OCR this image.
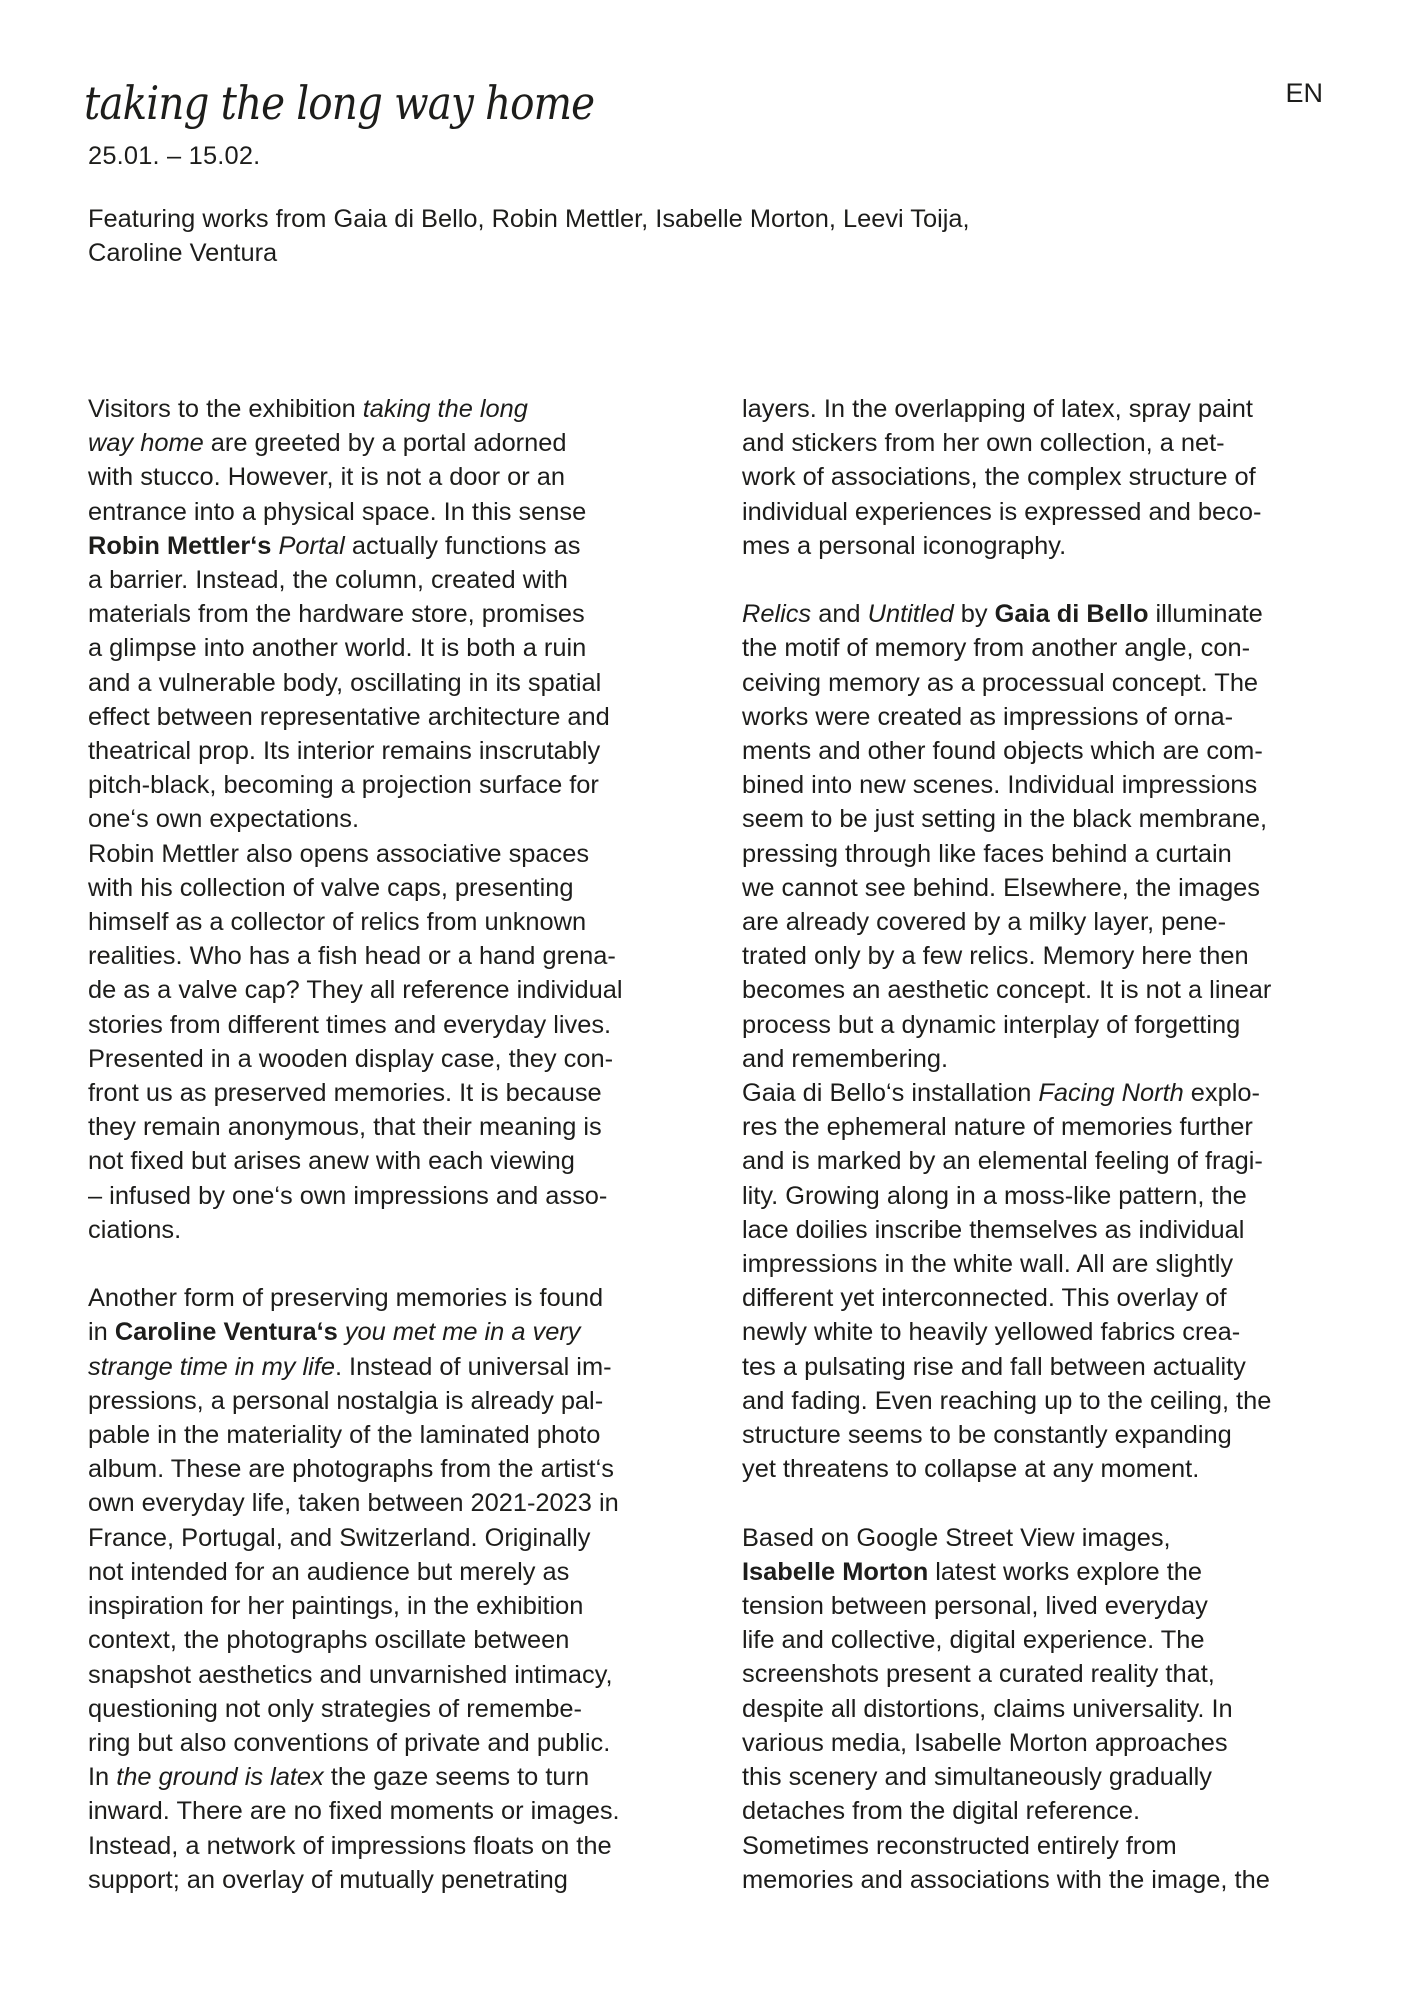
taking the long way home	EN
25.01. – 15.02.
Featuring works from Gaia di Bello, Robin Mettler, Isabelle Morton, Leevi Toija,
Caroline Ventura
Visitors to the exhibition taking the long
way home are greeted by a portal adorned
with stucco. However, it is not a door or an
entrance into a physical space. In this sense
Robin Mettler‘s Portal actually functions as
a barrier. Instead, the column, created with
materials from the hardware store, promises
a glimpse into another world. It is both a ruin
and a vulnerable body, oscillating in its spatial
effect between representative architecture and
theatrical prop. Its interior remains inscrutably
pitch-black, becoming a projection surface for
one‘s own expectations.
Robin Mettler also opens associative spaces
with his collection of valve caps, presenting
himself as a collector of relics from unknown
realities. Who has a fish head or a hand grena-
de as a valve cap? They all reference individual
stories from different times and everyday lives.
Presented in a wooden display case, they con-
front us as preserved memories. It is because
they remain anonymous, that their meaning is
not fixed but arises anew with each viewing
– infused by one‘s own impressions and asso-
ciations.
Another form of preserving memories is found
in Caroline Ventura‘s you met me in a very
strange time in my life. Instead of universal im-
pressions, a personal nostalgia is already pal-
pable in the materiality of the laminated photo
album. These are photographs from the artist‘s
own everyday life, taken between 2021-2023 in
France, Portugal, and Switzerland. Originally
not intended for an audience but merely as
inspiration for her paintings, in the exhibition
context, the photographs oscillate between
snapshot aesthetics and unvarnished intimacy,
questioning not only strategies of remembe-
ring but also conventions of private and public.
In the ground is latex the gaze seems to turn
inward. There are no fixed moments or images.
Instead, a network of impressions floats on the
support; an overlay of mutually penetrating
layers. In the overlapping of latex, spray paint
and stickers from her own collection, a net-
work of associations, the complex structure of
individual experiences is expressed and beco-
mes a personal iconography.
Relics and Untitled by Gaia di Bello illuminate
the motif of memory from another angle, con-
ceiving memory as a processual concept. The
works were created as impressions of orna-
ments and other found objects which are com-
bined into new scenes. Individual impressions
seem to be just setting in the black membrane,
pressing through like faces behind a curtain
we cannot see behind. Elsewhere, the images
are already covered by a milky layer, pene-
trated only by a few relics. Memory here then
becomes an aesthetic concept. It is not a linear
process but a dynamic interplay of forgetting
and remembering.
Gaia di Bello‘s installation Facing North explo-
res the ephemeral nature of memories further
and is marked by an elemental feeling of fragi-
lity. Growing along in a moss-like pattern, the
lace doilies inscribe themselves as individual
impressions in the white wall. All are slightly
different yet interconnected. This overlay of
newly white to heavily yellowed fabrics crea-
tes a pulsating rise and fall between actuality
and fading. Even reaching up to the ceiling, the
structure seems to be constantly expanding
yet threatens to collapse at any moment.
Based on Google Street View images,
Isabelle Morton latest works explore the
tension between personal, lived everyday
life and collective, digital experience. The
screenshots present a curated reality that,
despite all distortions, claims universality. In
various media, Isabelle Morton approaches
this scenery and simultaneously gradually
detaches from the digital reference.
Sometimes reconstructed entirely from
memories and associations with the image, the
